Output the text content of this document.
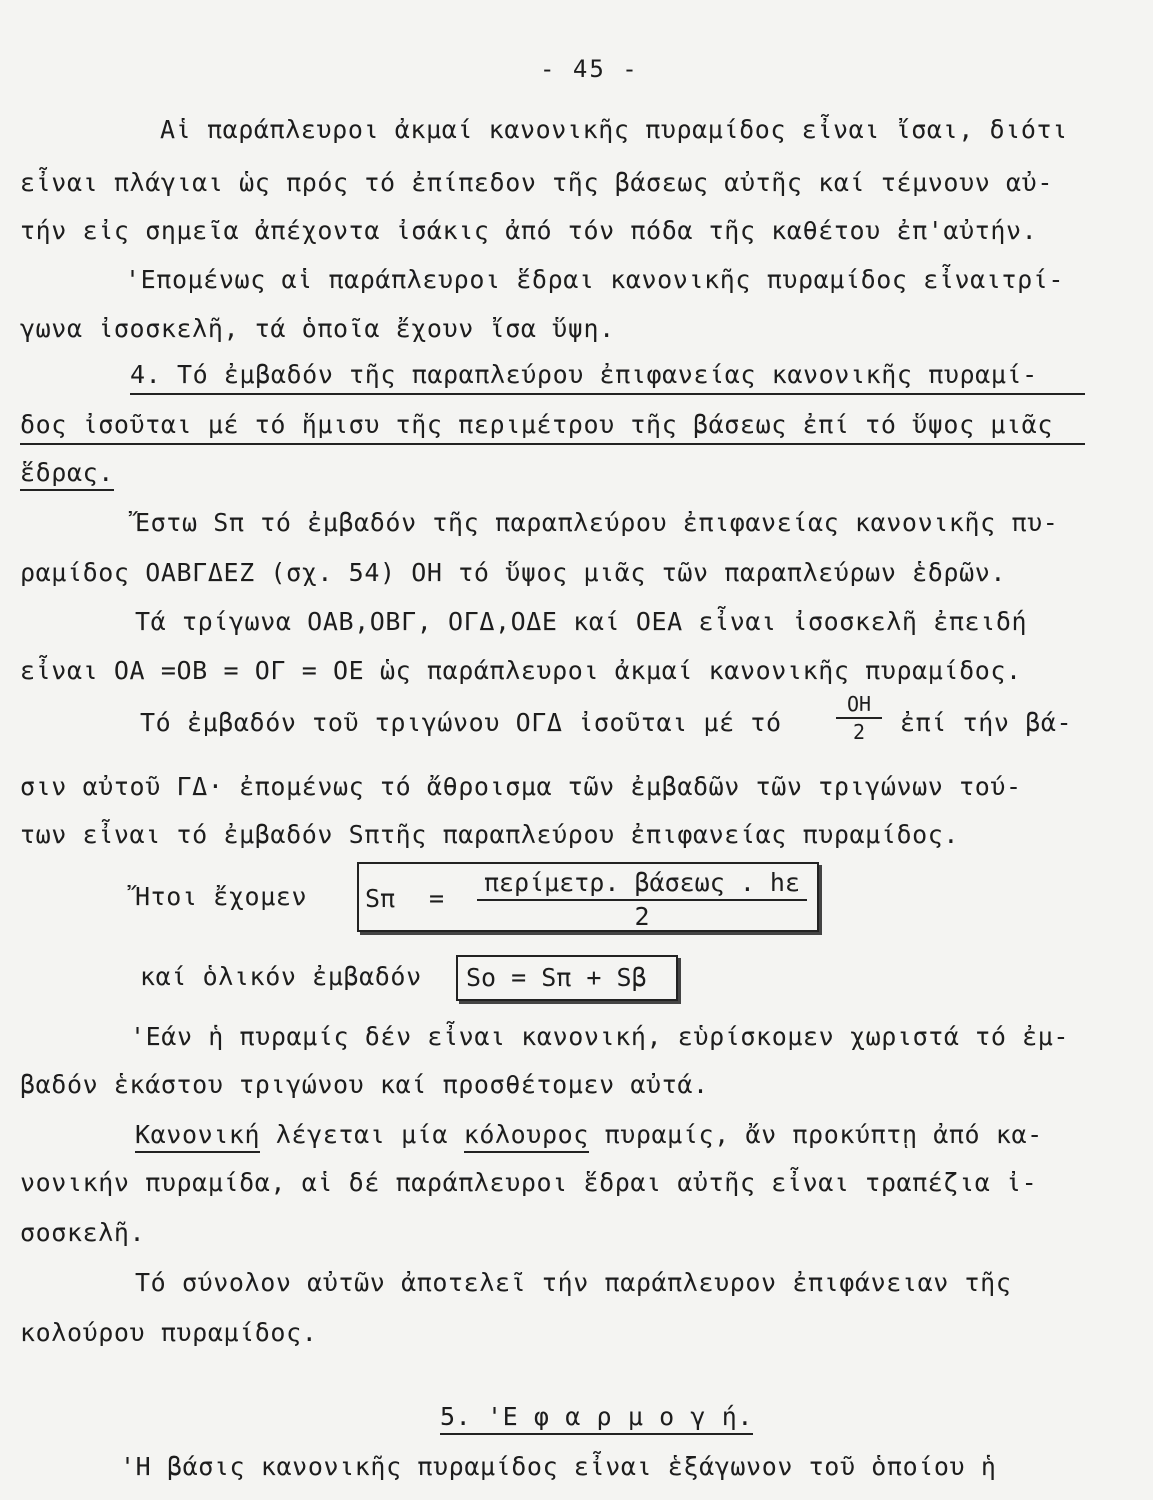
- 45 -
Αἱ παράπλευροι ἀκμαί κανονικῆς πυραμίδος εἶναι ἴσαι, διότι
εἶναι πλάγιαι ὡς πρός τό ἐπίπεδον τῆς βάσεως αὐτῆς καί τέμνουν αὐ-
τήν εἰς σημεῖα ἀπέχοντα ἰσάκις ἀπό τόν πόδα τῆς καθέτου ἐπ'αὐτήν.
'Επομένως αἱ παράπλευροι ἕδραι κανονικῆς πυραμίδος εἶναιτρί-
γωνα ἰσοσκελῆ, τά ὁποῖα ἔχουν ἴσα ὕψη.
4. Τό ἐμβαδόν τῆς παραπλεύρου ἐπιφανείας κανονικῆς πυραμί-
δος ἰσοῦται μέ τό ἥμισυ τῆς περιμέτρου τῆς βάσεως ἐπί τό ὕψος μιᾶς
ἕδρας.
Ἔστω Sπ τό ἐμβαδόν τῆς παραπλεύρου ἐπιφανείας κανονικῆς πυ-
ραμίδος ΟΑΒΓΔΕΖ (σχ. 54) ΟΗ τό ὕψος μιᾶς τῶν παραπλεύρων ἑδρῶν.
Τά τρίγωνα ΟΑΒ,ΟΒΓ, ΟΓΔ,ΟΔΕ καί ΟΕΑ εἶναι ἰσοσκελῆ ἐπειδή
εἶναι ΟΑ =ΟΒ = ΟΓ = ΟΕ ὡς παράπλευροι ἀκμαί κανονικῆς πυραμίδος.
Τό ἐμβαδόν τοῦ τριγώνου ΟΓΔ ἰσοῦται μέ τό
ΟΗ
2	ἐπί τήν βά-
σιν αὐτοῦ ΓΔ· ἐπομένως τό ἄθροισμα τῶν ἐμβαδῶν τῶν τριγώνων τού-
των εἶναι τό ἐμβαδόν Sπτῆς παραπλεύρου ἐπιφανείας πυραμίδος.
Ἤτοι ἔχομεν Sπ =
περίμετρ. βάσεως . hε
2
καί ὁλικόν ἐμβαδόν Sο = Sπ + Sβ
'Εάν ἡ πυραμίς δέν εἶναι κανονική, εὑρίσκομεν χωριστά τό ἐμ-
βαδόν ἑκάστου τριγώνου καί προσθέτομεν αὐτά.
Κανονική λέγεται μία κόλουρος πυραμίς, ἄν προκύπτῃ ἀπό κα-
νονικήν πυραμίδα, αἱ δέ παράπλευροι ἕδραι αὐτῆς εἶναι τραπέζια ἰ-
σοσκελῆ.
Τό σύνολον αὐτῶν ἀποτελεῖ τήν παράπλευρον ἐπιφάνειαν τῆς
κολούρου πυραμίδος.
5. 'Ε φ α ρ μ ο γ ή.
'Η βάσις κανονικῆς πυραμίδος εἶναι ἑξάγωνον τοῦ ὁποίου ἡ
